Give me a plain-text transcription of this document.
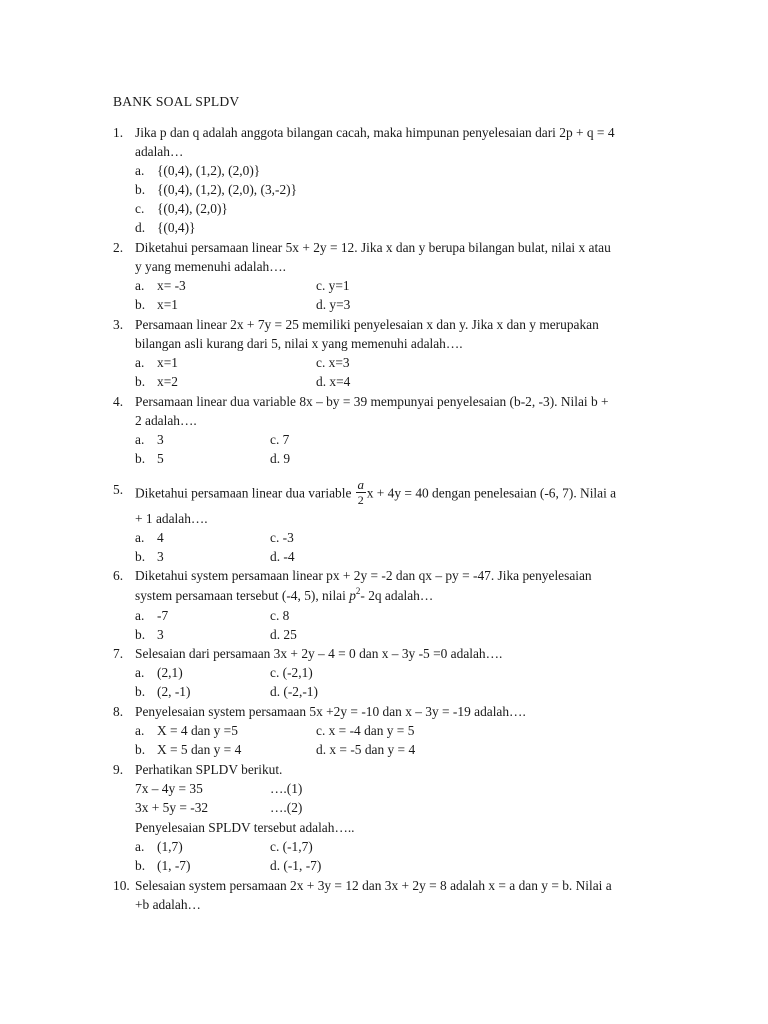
BANK SOAL SPLDV
1. Jika p dan q adalah anggota bilangan cacah, maka himpunan penyelesaian dari 2p + q = 4
adalah…
a. {(0,4), (1,2), (2,0)}
b. {(0,4), (1,2), (2,0), (3,-2)}
c. {(0,4), (2,0)}
d. {(0,4)}
2. Diketahui persamaan linear 5x + 2y = 12. Jika x dan y berupa bilangan bulat, nilai x atau
y yang memenuhi adalah….
a. x= -3	c. y=1
b. x=1	d. y=3
3. Persamaan linear 2x + 7y = 25 memiliki penyelesaian x dan y. Jika x dan y merupakan
bilangan asli kurang dari 5, nilai x yang memenuhi adalah….
a. x=1	c. x=3
b. x=2	d. x=4
4. Persamaan linear dua variable 8x – by = 39 mempunyai penyelesaian (b-2, -3). Nilai b +
2 adalah….
a. 3	c. 7
b. 5	d. 9
5. Diketahui persamaan linear dua variable $\frac{a}{2}$ x + 4y = 40 dengan penelesaian (-6, 7). Nilai a
+ 1 adalah….
a. 4	c. -3
b. 3	d. -4
6. Diketahui system persamaan linear px + 2y = -2 dan qx – py = -47. Jika penyelesaian
system persamaan tersebut (-4, 5), nilai $p^2-$ 2q adalah…
a. -7	c. 8
b. 3	d. 25
7. Selesaian dari persamaan 3x + 2y – 4 = 0 dan x – 3y -5 =0 adalah….
a. (2,1)	c. (-2,1)
b. (2, -1)	d. (-2,-1)
8. Penyelesaian system persamaan 5x +2y = -10 dan x – 3y = -19 adalah….
a. X = 4 dan y =5	c. x = -4 dan y = 5
b. X = 5 dan y = 4	d. x = -5 dan y = 4
9. Perhatikan SPLDV berikut.
7x – 4y = 35	….(1)
3x + 5y = -32	….(2)
Penyelesaian SPLDV tersebut adalah…..
a. (1,7)	c. (-1,7)
b. (1, -7)	d. (-1, -7)
10. Selesaian system persamaan 2x + 3y = 12 dan 3x + 2y = 8 adalah x = a dan y = b. Nilai a
+b adalah…
